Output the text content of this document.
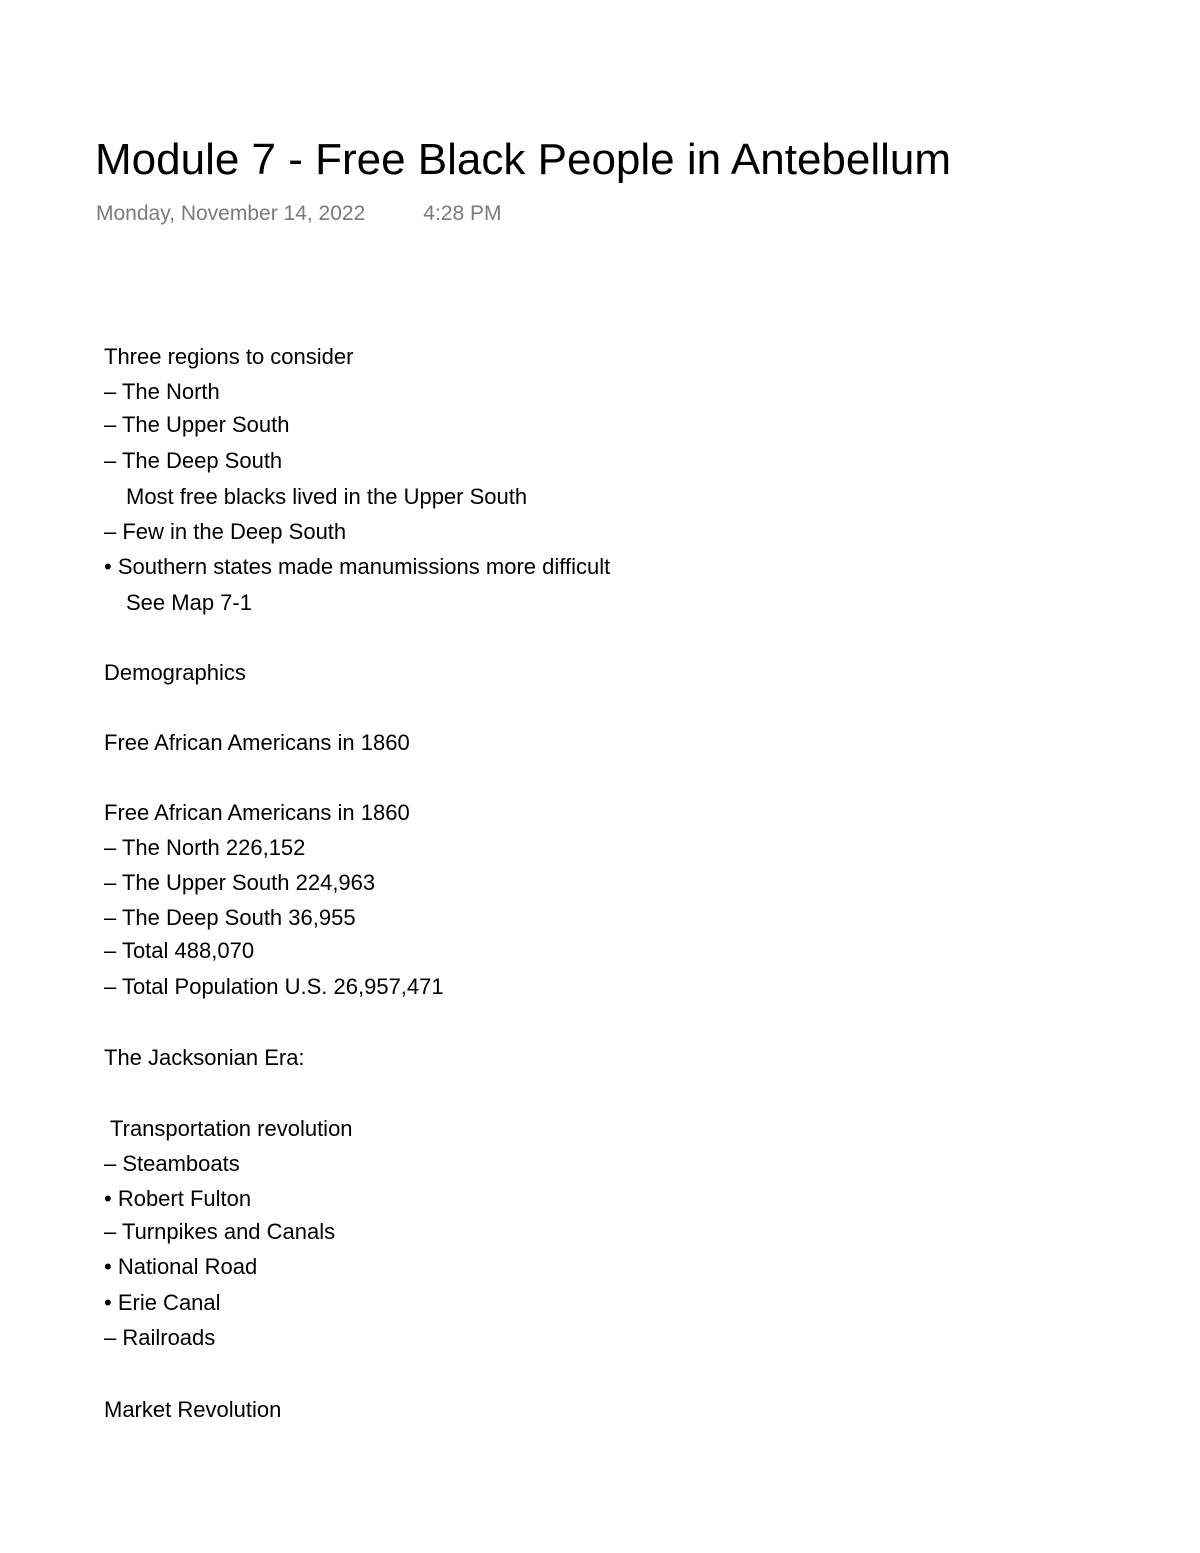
Module 7 - Free Black People in Antebellum
Monday, November 14, 2022	4:28 PM

Three regions to consider

– The North

– The Upper South

– The Deep South

Most free blacks lived in the Upper South

– Few in the Deep South

• Southern states made manumissions more difficult

See Map 7-1

Demographics

Free African Americans in 1860

Free African Americans in 1860

– The North 226,152

– The Upper South 224,963

– The Deep South 36,955

– Total 488,070

– Total Population U.S. 26,957,471

The Jacksonian Era:

Transportation revolution

– Steamboats

• Robert Fulton

– Turnpikes and Canals

• National Road

• Erie Canal

– Railroads

Market Revolution
